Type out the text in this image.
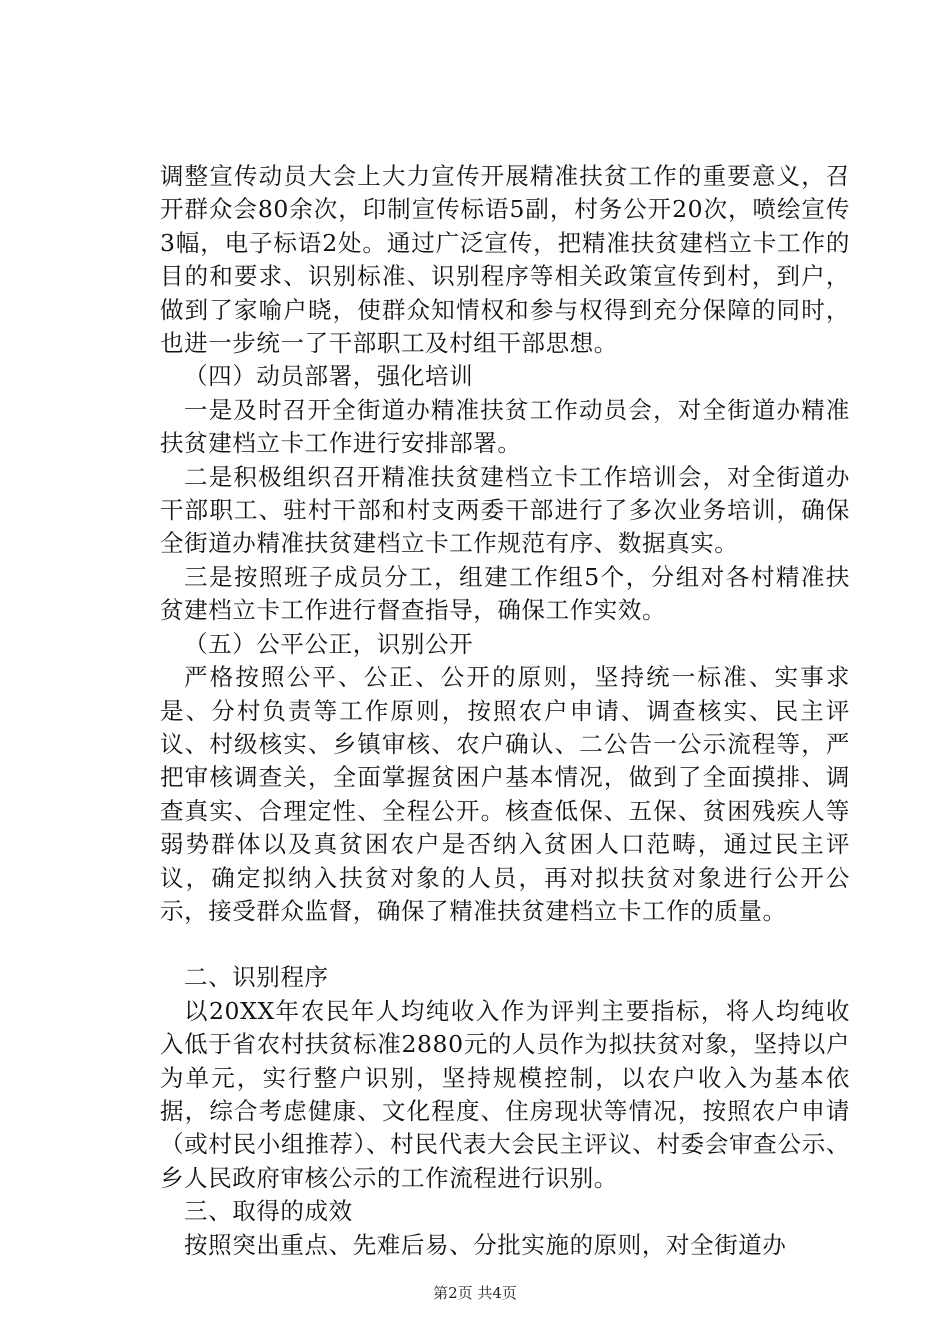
调整宣传动员大会上大力宣传开展精准扶贫工作的重要意义，召开群众会80余次，印制宣传标语5副，村务公开20次，喷绘宣传3幅，电子标语2处。通过广泛宣传，把精准扶贫建档立卡工作的目的和要求、识别标准、识别程序等相关政策宣传到村，到户，做到了家喻户晓，使群众知情权和参与权得到充分保障的同时，也进一步统一了干部职工及村组干部思想。

（四）动员部署，强化培训

一是及时召开全街道办精准扶贫工作动员会，对全街道办精准扶贫建档立卡工作进行安排部署。

二是积极组织召开精准扶贫建档立卡工作培训会，对全街道办干部职工、驻村干部和村支两委干部进行了多次业务培训，确保全街道办精准扶贫建档立卡工作规范有序、数据真实。

三是按照班子成员分工，组建工作组5个，分组对各村精准扶贫建档立卡工作进行督查指导，确保工作实效。

（五）公平公正，识别公开

严格按照公平、公正、公开的原则，坚持统一标准、实事求是、分村负责等工作原则，按照农户申请、调查核实、民主评议、村级核实、乡镇审核、农户确认、二公告一公示流程等，严把审核调查关，全面掌握贫困户基本情况，做到了全面摸排、调查真实、合理定性、全程公开。核查低保、五保、贫困残疾人等弱势群体以及真贫困农户是否纳入贫困人口范畴，通过民主评议，确定拟纳入扶贫对象的人员，再对拟扶贫对象进行公开公示，接受群众监督，确保了精准扶贫建档立卡工作的质量。

二、识别程序

以20XX年农民年人均纯收入作为评判主要指标，将人均纯收入低于省农村扶贫标准2880元的人员作为拟扶贫对象，坚持以户为单元，实行整户识别，坚持规模控制，以农户收入为基本依据，综合考虑健康、文化程度、住房现状等情况，按照农户申请（或村民小组推荐）、村民代表大会民主评议、村委会审查公示、乡人民政府审核公示的工作流程进行识别。

三、取得的成效

按照突出重点、先难后易、分批实施的原则，对全街道办

第2页 共4页
